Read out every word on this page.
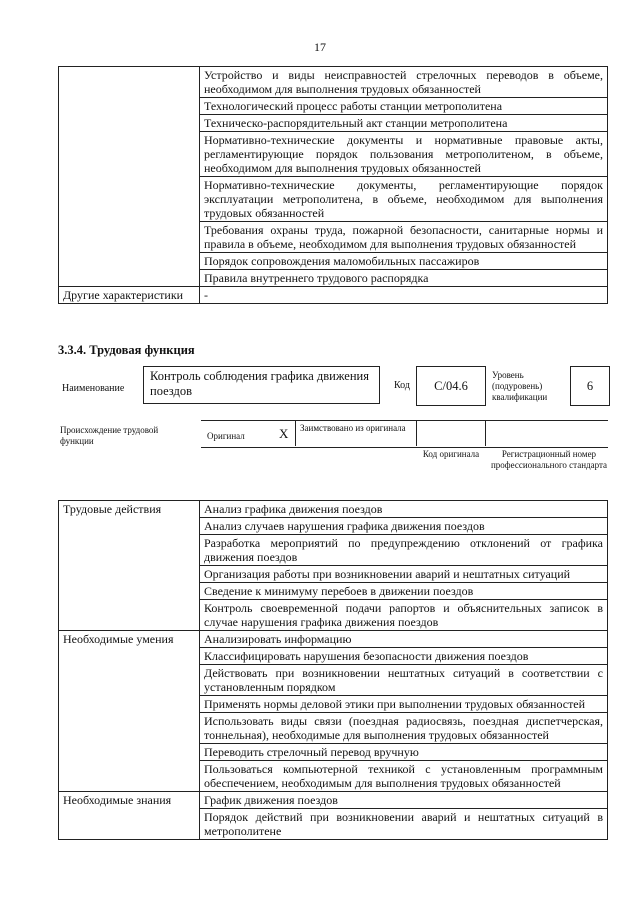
17
	Устройство и виды неисправностей стрелочных переводов в объеме, необходимом для выполнения трудовых обязанностей
	Технологический процесс работы станции метрополитена
	Техническо-распорядительный акт станции метрополитена
	Нормативно-технические документы и нормативные правовые акты, регламентирующие порядок пользования метрополитеном, в объеме, необходимом для выполнения трудовых обязанностей
	Нормативно-технические документы, регламентирующие порядок эксплуатации метрополитена, в объеме, необходимом для выполнения трудовых обязанностей
	Требования охраны труда, пожарной безопасности, санитарные нормы и правила в объеме, необходимом для выполнения трудовых обязанностей
	Порядок сопровождения маломобильных пассажиров
	Правила внутреннего трудового распорядка
Другие характеристики	-
3.3.4. Трудовая функция
Наименование
Контроль соблюдения графика движения поездов	Код	C/04.6
Уровень (подуровень) квалификации
6
Происхождение трудовой функции	Оригинал	X Заимствовано из оригинала
Код оригинала	Регистрационный номер профессионального стандарта
Трудовые действия	Анализ графика движения поездов
	Анализ случаев нарушения графика движения поездов
	Разработка мероприятий по предупреждению отклонений от графика движения поездов
	Организация работы при возникновении аварий и нештатных ситуаций
	Сведение к минимуму перебоев в движении поездов
	Контроль своевременной подачи рапортов и объяснительных записок в случае нарушения графика движения поездов
Необходимые умения	Анализировать информацию
	Классифицировать нарушения безопасности движения поездов
	Действовать при возникновении нештатных ситуаций в соответствии с установленным порядком
	Применять нормы деловой этики при выполнении трудовых обязанностей
	Использовать виды связи (поездная радиосвязь, поездная диспетчерская, тоннельная), необходимые для выполнения трудовых обязанностей
	Переводить стрелочный перевод вручную
	Пользоваться компьютерной техникой с установленным программным обеспечением, необходимым для выполнения трудовых обязанностей
Необходимые знания	График движения поездов
	Порядок действий при возникновении аварий и нештатных ситуаций в метрополитене
